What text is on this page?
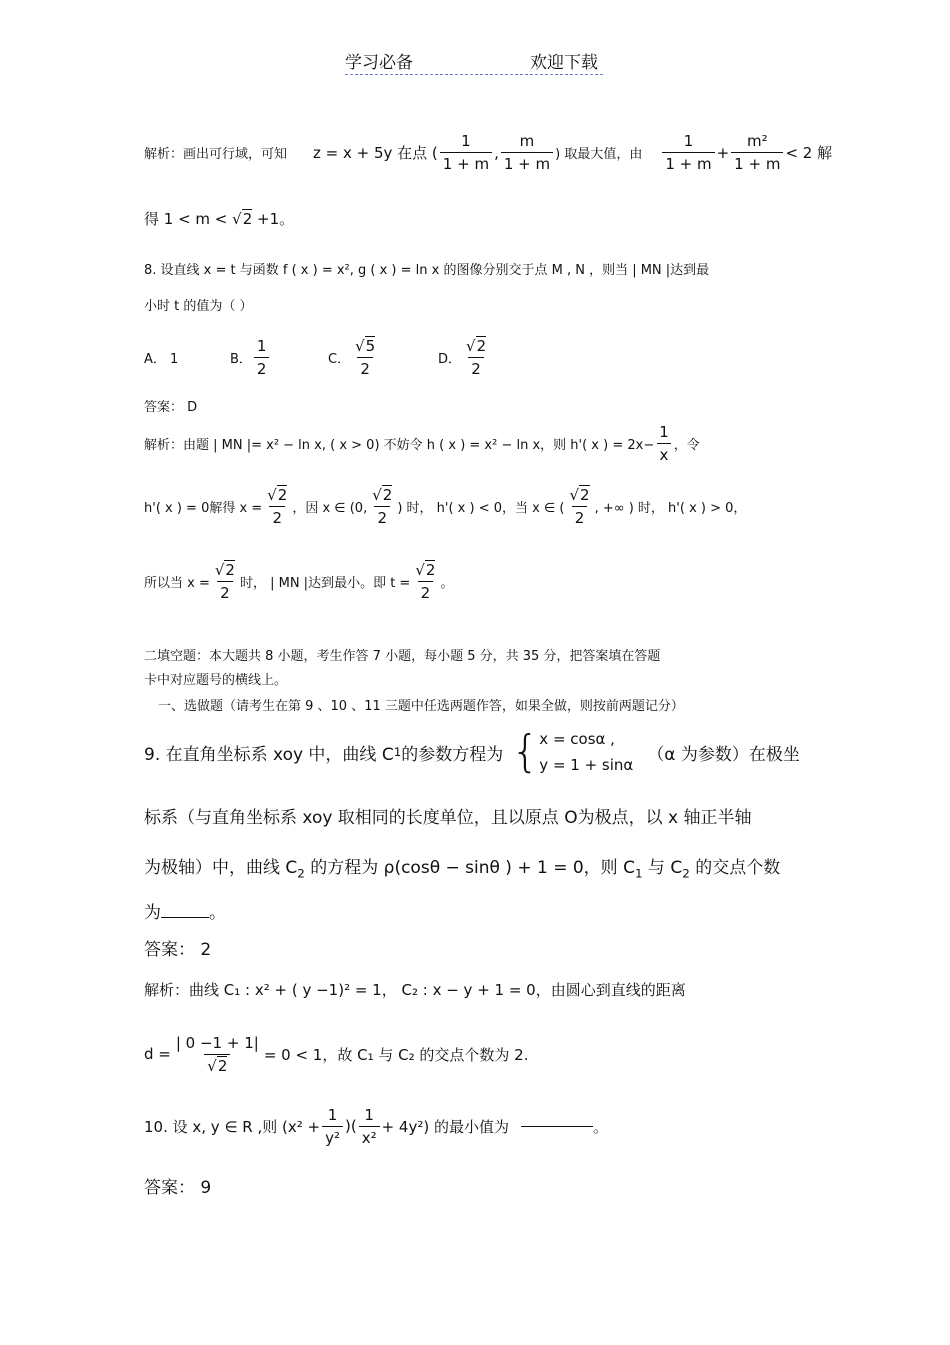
学习必备	欢迎下载
解析：画出可行域，可知 z = x + 5y 在点 ( $\frac{1}{1 + m}$ , $\frac{m}{1 + m}$ ) 取最大值，由 $\frac{1}{1 + m} + \frac{\text{m²}}{1 + m} < 2$ 解
得 1 < m < √2 +1。
8. 设直线 x = t 与函数 f ( x ) = x², g ( x ) = ln x 的图像分别交于点 M , N ，则当 | MN |达到最
小时 t 的值为（ ）
A． 1	B． $\frac{1}{2}$	C． $\frac{√5}{2}$	D． $\frac{√2}{2}$
答案： D
解析：由题 | MN |= x² − ln x, ( x > 0) 不妨令 h ( x ) = x² − ln x，则 h'( x ) = $2x- \frac{1}{x}$ ，令
h'( x ) = 0解得 $x = \frac{√2}{2}$ ，因 x ∈ (0, $\frac{√2}{2}$ ) 时， h'( x ) < 0，当 x ∈ ( $\frac{√2}{2}$ , +∞ ) 时， h'( x ) > 0，
所以当 $x = \frac{√2}{2}$ 时， | MN |达到最小。即 $t = \frac{√2}{2}$ 。
二填空题：本大题共 8 小题，考生作答 7 小题，每小题 5 分，共 35 分，把答案填在答题
卡中对应题号的横线上。
一、选做题（请考生在第 9 、10 、11 三题中任选两题作答，如果全做，则按前两题记分）
9. 在直角坐标系 xoy 中，曲线 C 1 的参数方程为 { x = cosα ,
y = 1 + sinα
（α 为参数）在极坐
标系（与直角坐标系 xoy 取相同的长度单位，且以原点 O为极点，以 x 轴正半轴
为极轴）中，曲线 $C_2$ 的方程为 ρ(cosθ − sinθ ) + 1 = 0，则 $C_1$ 与 $C_2$ 的交点个数
为	。
答案： 2
解析：曲线 C₁ : x² + ( y −1)² = 1， C₂ : x − y + 1 = 0，由圆心到直线的距离
$d = \frac{| 0 -1 + 1|}{√2} = 0 < 1$，故 C₁ 与 C₂ 的交点个数为 2.
10. 设 x, y ∈ R ,则 ($x^2 + \frac{1}{\text{y²}}$ )( $\frac{1}{\text{x²}} + 4y^2$) 的最小值为	。
答案： 9
